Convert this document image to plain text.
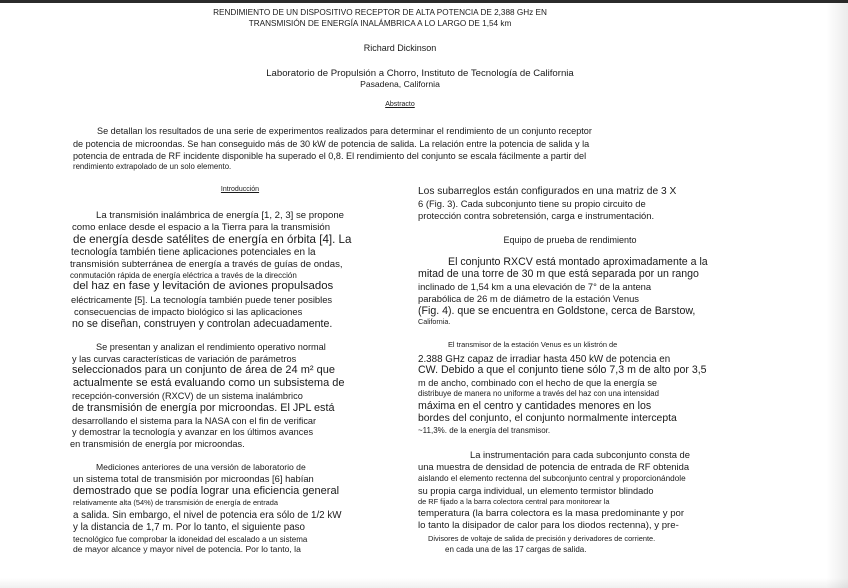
RENDIMIENTO DE UN DISPOSITIVO RECEPTOR DE ALTA POTENCIA DE 2,388 GHz EN

TRANSMISIÓN DE ENERGÍA INALÁMBRICA A LO LARGO DE 1,54 km

Richard Dickinson

Laboratorio de Propulsión a Chorro, Instituto de Tecnología de California

Pasadena, California

Abstracto

Se detallan los resultados de una serie de experimentos realizados para determinar el rendimiento de un conjunto receptor

de potencia de microondas. Se han conseguido más de 30 kW de potencia de salida. La relación entre la potencia de salida y la

potencia de entrada de RF incidente disponible ha superado el 0,8. El rendimiento del conjunto se escala fácilmente a partir del

rendimiento extrapolado de un solo elemento.

Introducción

La transmisión inalámbrica de energía [1, 2, 3] se propone

como enlace desde el espacio a la Tierra para la transmisión

de energía desde satélites de energía en órbita [4]. La

tecnología también tiene aplicaciones potenciales en la

transmisión subterránea de energía a través de guías de ondas,

conmutación rápida de energía eléctrica a través de la dirección

del haz en fase y levitación de aviones propulsados

eléctricamente [5]. La tecnología también puede tener posibles

consecuencias de impacto biológico si las aplicaciones

no se diseñan, construyen y controlan adecuadamente.

Se presentan y analizan el rendimiento operativo normal

y las curvas características de variación de parámetros

seleccionados para un conjunto de área de 24 m² que

actualmente se está evaluando como un subsistema de

recepción-conversión (RXCV) de un sistema inalámbrico

de transmisión de energía por microondas. El JPL está

desarrollando el sistema para la NASA con el fin de verificar

y demostrar la tecnología y avanzar en los últimos avances

en transmisión de energía por microondas.

Mediciones anteriores de una versión de laboratorio de

un sistema total de transmisión por microondas [6] habían

demostrado que se podía lograr una eficiencia general

relativamente alta (54%) de transmisión de energía de entrada

a salida. Sin embargo, el nivel de potencia era sólo de 1/2 kW

y la distancia de 1,7 m. Por lo tanto, el siguiente paso

tecnológico fue comprobar la idoneidad del escalado a un sistema

de mayor alcance y mayor nivel de potencia. Por lo tanto, la

Los subarreglos están configurados en una matriz de 3 X

6 (Fig. 3). Cada subconjunto tiene su propio circuito de

protección contra sobretensión, carga e instrumentación.

Equipo de prueba de rendimiento

El conjunto RXCV está montado aproximadamente a la

mitad de una torre de 30 m que está separada por un rango

inclinado de 1,54 km a una elevación de 7° de la antena

parabólica de 26 m de diámetro de la estación Venus

(Fig. 4). que se encuentra en Goldstone, cerca de Barstow,

California.

El transmisor de la estación Venus es un klistrón de

2.388 GHz capaz de irradiar hasta 450 kW de potencia en

CW. Debido a que el conjunto tiene sólo 7,3 m de alto por 3,5

m de ancho, combinado con el hecho de que la energía se

distribuye de manera no uniforme a través del haz con una intensidad

máxima en el centro y cantidades menores en los

bordes del conjunto, el conjunto normalmente intercepta

~11,3%. de la energía del transmisor.

La instrumentación para cada subconjunto consta de

una muestra de densidad de potencia de entrada de RF obtenida

aislando el elemento rectenna del subconjunto central y proporcionándole

su propia carga individual, un elemento termistor blindado

de RF fijado a la barra colectora central para monitorear la

temperatura (la barra colectora es la masa predominante y por

lo tanto la disipador de calor para los diodos rectenna), y pre-

Divisores de voltaje de salida de precisión y derivadores de corriente.

en cada una de las 17 cargas de salida.
